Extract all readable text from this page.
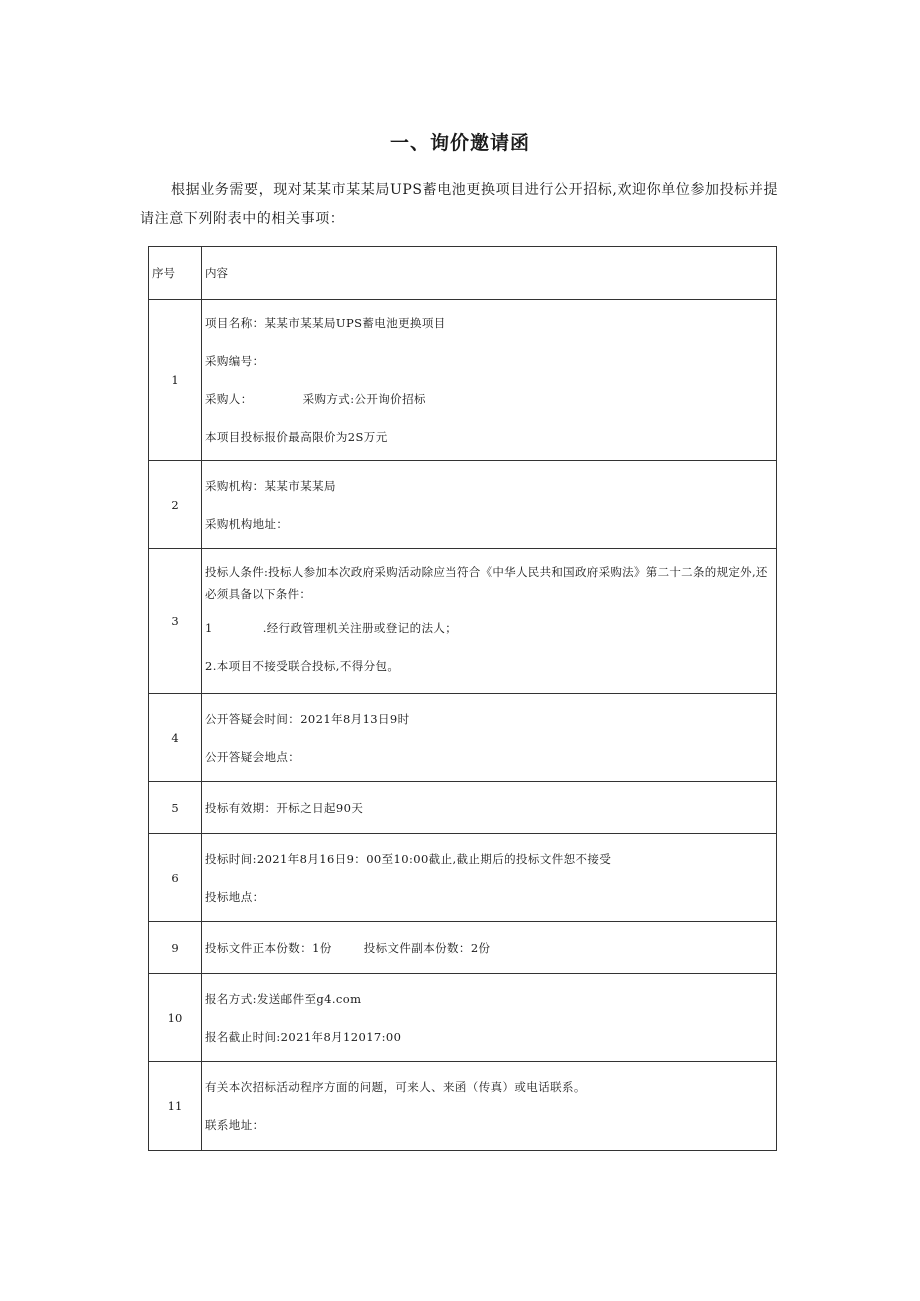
一、询价邀请函
根据业务需要，现对某某市某某局UPS蓄电池更换项目进行公开招标,欢迎你单位参加投标并提请注意下列附表中的相关事项：
序号	内容
1	项目名称：某某市某某局UPS蓄电池更换项目
采购编号：
采购人： 采购方式:公开询价招标
本项目投标报价最高限价为2S万元

2	采购机构：某某市某某局
采购机构地址：

3	投标人条件:投标人参加本次政府采购活动除应当符合《中华人民共和国政府采购法》第二十二条的规定外,还必须具备以下条件：
1 .经行政管理机关注册或登记的法人；
2.本项目不接受联合投标,不得分包。

4	公开答疑会时间：2021年8月13日9时
公开答疑会地点：

5	投标有效期：开标之日起90天

6	投标时间:2021年8月16日9：00至10:00截止,截止期后的投标文件恕不接受
投标地点：

9	投标文件正本份数：1份 投标文件副本份数：2份

10	报名方式:发送邮件至g4.com
报名截止时间:2021年8月12017:00

11	有关本次招标活动程序方面的问题，可来人、来函（传真）或电话联系。
联系地址：
